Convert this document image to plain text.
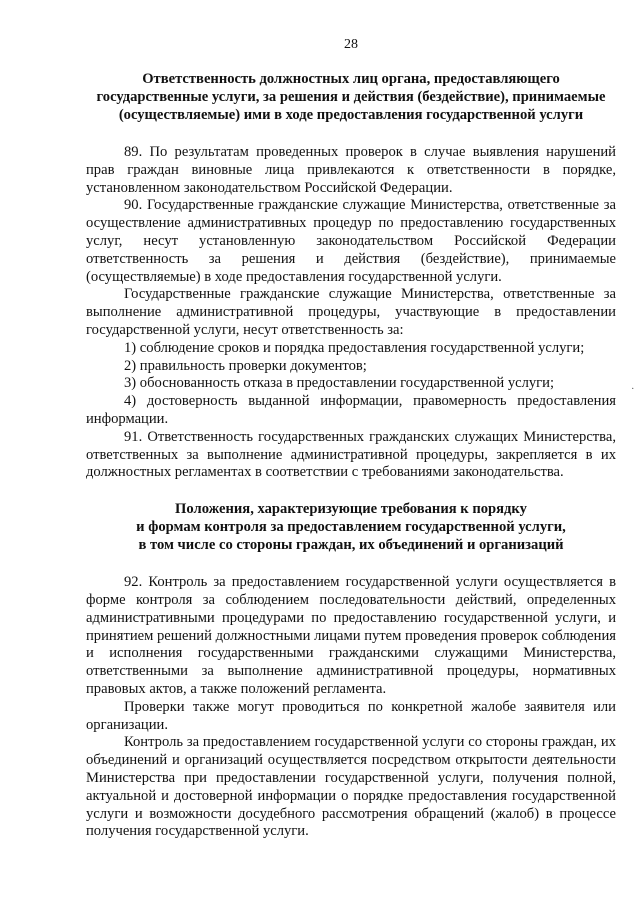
28
Ответственность должностных лиц органа, предоставляющего
государственные услуги, за решения и действия (бездействие), принимаемые
(осуществляемые) ими в ходе предоставления государственной услуги

89. По результатам проведенных проверок в случае выявления нарушений прав граждан виновные лица привлекаются к ответственности в порядке, установленном законодательством Российской Федерации.

90. Государственные гражданские служащие Министерства, ответственные за осуществление административных процедур по предоставлению государственных услуг, несут установленную законодательством Российской Федерации ответственность за решения и действия (бездействие), принимаемые (осуществляемые) в ходе предоставления государственной услуги.

Государственные гражданские служащие Министерства, ответственные за выполнение административной процедуры, участвующие в предоставлении государственной услуги, несут ответственность за:

1) соблюдение сроков и порядка предоставления государственной услуги;
2) правильность проверки документов;
3) обоснованность отказа в предоставлении государственной услуги;

4) достоверность выданной информации, правомерность предоставления информации.

91. Ответственность государственных гражданских служащих Министерства, ответственных за выполнение административной процедуры, закрепляется в их должностных регламентах в соответствии с требованиями законодательства.

Положения, характеризующие требования к порядку
и формам контроля за предоставлением государственной услуги,
в том числе со стороны граждан, их объединений и организаций

92. Контроль за предоставлением государственной услуги осуществляется в форме контроля за соблюдением последовательности действий, определенных административными процедурами по предоставлению государственной услуги, и принятием решений должностными лицами путем проведения проверок соблюдения и исполнения государственными гражданскими служащими Министерства, ответственными за выполнение административной процедуры, нормативных правовых актов, а также положений регламента.

Проверки также могут проводиться по конкретной жалобе заявителя или организации.

Контроль за предоставлением государственной услуги со стороны граждан, их объединений и организаций осуществляется посредством открытости деятельности Министерства при предоставлении государственной услуги, получения полной, актуальной и достоверной информации о порядке предоставления государственной услуги и возможности досудебного рассмотрения обращений (жалоб) в процессе получения государственной услуги.

.
